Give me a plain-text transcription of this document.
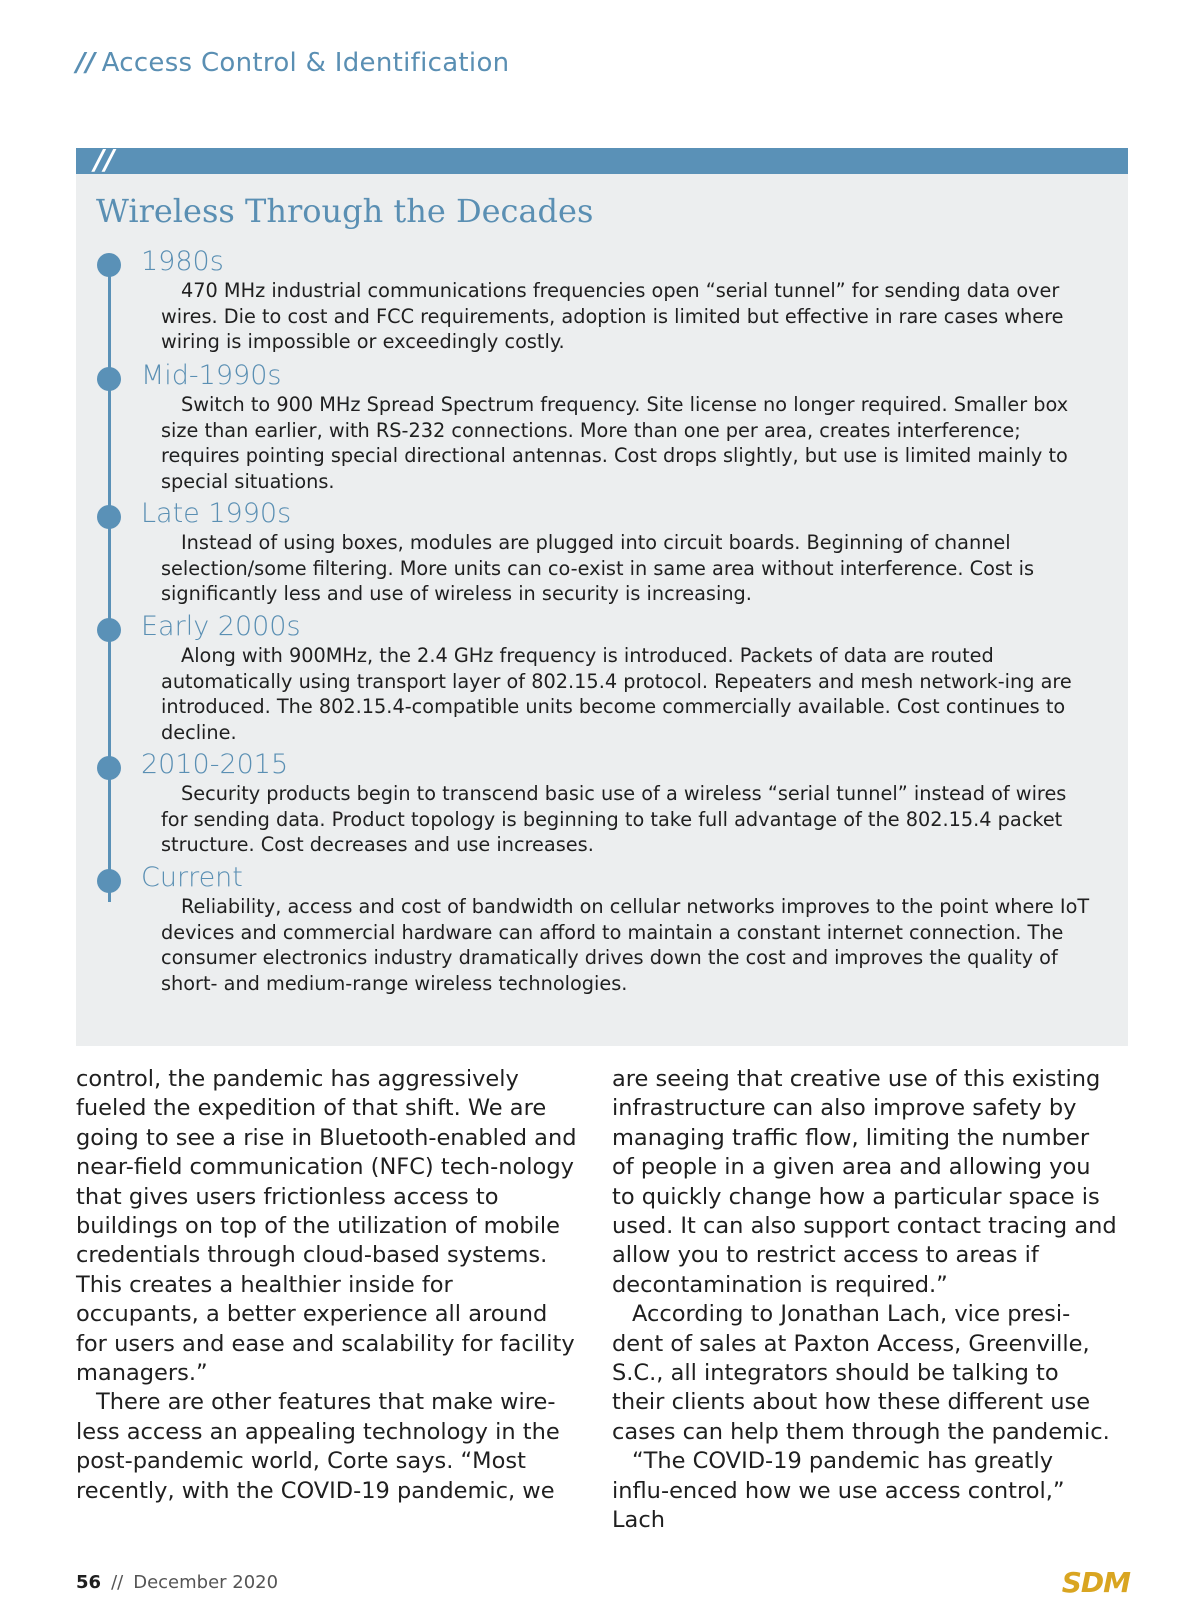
// Access Control & Identification
//
Wireless Through the Decades

1980s

470 MHz industrial communications frequencies open “serial tunnel” for sending data over wires. Die to cost and FCC requirements, adoption is limited but effective in rare cases where wiring is impossible or exceedingly costly.

Mid-1990s

Switch to 900 MHz Spread Spectrum frequency. Site license no longer required. Smaller box size than earlier, with RS-232 connections. More than one per area, creates interference; requires pointing special directional antennas. Cost drops slightly, but use is limited mainly to special situations.

Late 1990s

Instead of using boxes, modules are plugged into circuit boards. Beginning of channel selection/some filtering. More units can co-exist in same area without interference. Cost is significantly less and use of wireless in security is increasing.

Early 2000s

Along with 900MHz, the 2.4 GHz frequency is introduced. Packets of data are routed automatically using transport layer of 802.15.4 protocol. Repeaters and mesh network-ing are introduced. The 802.15.4-compatible units become commercially available. Cost continues to decline.

2010-2015

Security products begin to transcend basic use of a wireless “serial tunnel” instead of wires for sending data. Product topology is beginning to take full advantage of the 802.15.4 packet structure. Cost decreases and use increases.

Current

Reliability, access and cost of bandwidth on cellular networks improves to the point where IoT devices and commercial hardware can afford to maintain a constant internet connection. The consumer electronics industry dramatically drives down the cost and improves the quality of short- and medium-range wireless technologies.

control, the pandemic has aggressively fueled the expedition of that shift. We are going to see a rise in Bluetooth-enabled and near-field communication (NFC) tech-nology that gives users frictionless access to buildings on top of the utilization of mobile credentials through cloud-based systems. This creates a healthier inside for occupants, a better experience all around for users and ease and scalability for facility managers.”

There are other features that make wire-less access an appealing technology in the post-pandemic world, Corte says. “Most recently, with the COVID-19 pandemic, we

are seeing that creative use of this existing infrastructure can also improve safety by managing traffic flow, limiting the number of people in a given area and allowing you to quickly change how a particular space is used. It can also support contact tracing and allow you to restrict access to areas if decontamination is required.”

According to Jonathan Lach, vice presi-dent of sales at Paxton Access, Greenville, S.C., all integrators should be talking to their clients about how these different use cases can help them through the pandemic.

“The COVID-19 pandemic has greatly influ-enced how we use access control,” Lach

56 // December 2020	SDM
